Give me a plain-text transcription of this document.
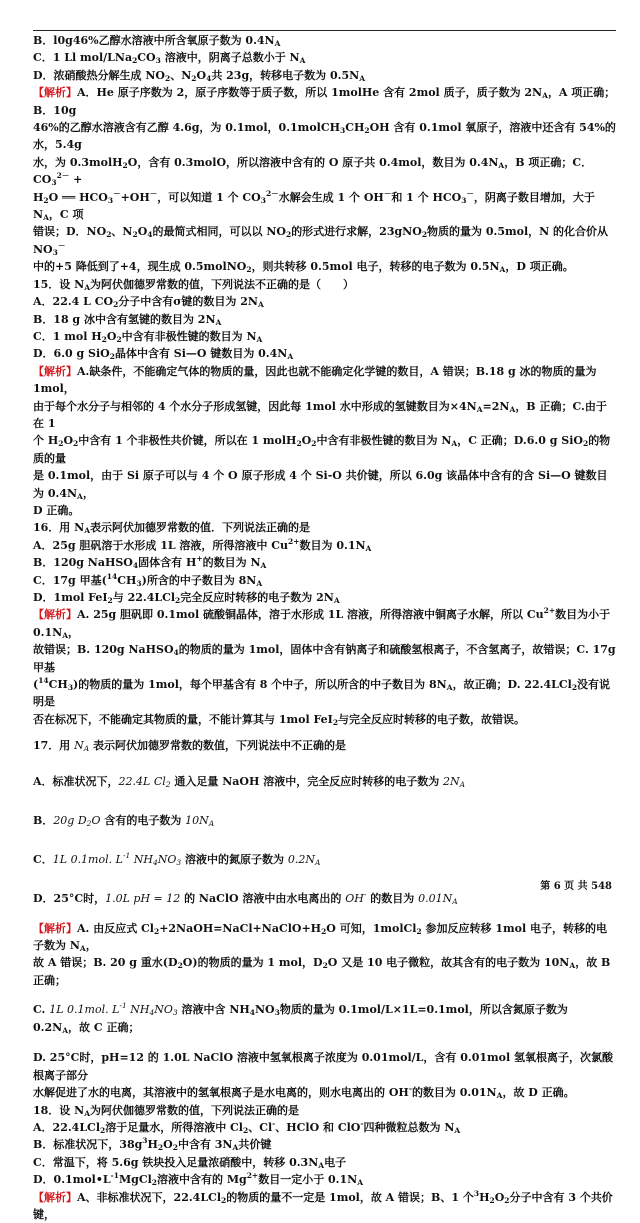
B．l0g46%乙醇水溶液中所含氧原子数为 $0.4N_A$

C．1 Ll mol/$LNa_2CO_3$ 溶液中，阴离子总数小于 $N_A$

D．浓硝酸热分解生成 $NO_2$、$N_2O_4$共 23g，转移电子数为 $0.5N_A$

【解析】A．He 原子序数为 2，原子序数等于质子数，所以 1molHe 含有 2mol 质子，质子数为 $2N_A$，A 项正确；B．10g

46%的乙醇水溶液含有乙醇 4.6g，为 0.1mol，$0.1molCH_3CH_2OH$ 含有 0.1mol 氧原子，溶液中还含有 54%的水，5.4g

水，为 0.3molH$_2$O，含有 0.3molO，所以溶液中含有的 O 原子共 0.4mol，数目为 $0.4N_A$，B 项正确；C．$CO_3^{2-}$ +

$H_2O$ ══ $HCO_3^-+OH^-$，可以知道 1 个 $CO_3^{2-}$水解会生成 1 个 OH－和 1 个 $HCO_3^-$，阴离子数目增加，大于 $N_A$，C 项

错误；D．$NO_2$、$N_2O_4$的最简式相同，可以以 $NO_2$的形式进行求解，23gNO$_2$物质的量为 0.5mol，N 的化合价从 $NO_3^-$

中的+5 降低到了+4，现生成 0.5molNO$_2$，则共转移 0.5mol 电子，转移的电子数为 $0.5N_A$，D 项正确。

15．设 $N_A$为阿伏伽德罗常数的值，下列说法不正确的是（　　）

A．22.4 L $CO_2$分子中含有σ键的数目为 $2N_A$

B．18 g 冰中含有氢键的数目为 $2N_A$

C．1 mol $H_2O_2$中含有非极性键的数目为 $N_A$

D．6.0 g SiO$_2$晶体中含有 Si—O 键数目为 $0.4N_A$

【解析】A.缺条件，不能确定气体的物质的量，因此也就不能确定化学键的数目，A 错误；B.18 g 冰的物质的量为 1mol，

由于每个水分子与相邻的 4 个水分子形成氢键，因此每 1mol 水中形成的氢键数目为$\times 4N_A=2N_A$，B 正确；C.由于在 1

个 $H_2O_2$中含有 1 个非极性共价键，所以在 1 $molH_2O_2$中含有非极性键的数目为 $N_A$，C 正确；D.6.0 g SiO$_2$的物质的量

是 0.1mol，由于 Si 原子可以与 4 个 O 原子形成 4 个 Si-O 共价键，所以 6.0g 该晶体中含有的含 Si—O 键数目为 $0.4N_A$，

D 正确。

16．用 $N_A$表示阿伏加德罗常数的值．下列说法正确的是

A．25g 胆矾溶于水形成 1L 溶液，所得溶液中 $Cu^{2+}$数目为 $0.1N_A$

B．120g NaHSO$_4$固体含有 H+的数目为 $N_A$

C．17g 甲基$(^{14}CH_3)$所含的中子数目为 $8N_A$

D．1mol FeI$_2$与 22.4LCl$_2$完全反应时转移的电子数为 $2N_A$

【解析】A. 25g 胆矾即 0.1mol 硫酸铜晶体，溶于水形成 1L 溶液，所得溶液中铜离子水解，所以 $Cu^{2+}$数目为小于 $0.1N_A$，

故错误；B. 120g NaHSO$_4$的物质的量为 1mol，固体中含有钠离子和硫酸氢根离子，不含氢离子，故错误；C. 17g 甲基

$(^{14}CH_3)$的物质的量为 1mol，每个甲基含有 8 个中子，所以所含的中子数目为 $8N_A$，故正确；D. 22.4LCl$_2$没有说明是

否在标况下，不能确定其物质的量，不能计算其与 1mol FeI$_2$与完全反应时转移的电子数，故错误。

17．用 $N_A$ 表示阿伏加德罗常数的数值，下列说法中不正确的是

A．标准状况下，22.4L $Cl_2$ 通入足量 NaOH 溶液中，完全反应时转移的电子数为 $2N_A$

B．20g $D_2O$ 含有的电子数为 $10N_A$

C．1L 0.1mol. $L^{-1}$ $NH_4NO_3$ 溶液中的氮原子数为 $0.2N_A$

D．25°C时，1.0L pH = 12 的 NaClO 溶液中由水电离出的 OH- 的数目为 $0.01N_A$

【解析】A. 由反应式 $Cl_2+2NaOH=NaCl+NaClO+H_2O$ 可知，1molCl$_2$ 参加反应转移 1mol 电子，转移的电子数为 $N_A$，

故 A 错误；B. 20 g 重水$(D_2O)$的物质的量为 1 mol，$D_2O$ 又是 10 电子微粒，故其含有的电子数为 $10N_A$，故 B 正确；

C. 1L 0.1mol. $L^{-1}$ $NH_4NO_3$ 溶液中含 $NH_4NO_3$物质的量为 0.1mol/L×1L=0.1mol，所以含氮原子数为 $0.2N_A$，故 C 正确；

D. 25°C时，pH=12 的 1.0L NaClO 溶液中氢氧根离子浓度为 0.01mol/L，含有 0.01mol 氢氧根离子，次氯酸根离子部分

水解促进了水的电离，其溶液中的氢氧根离子是水电离的，则水电离出的 OH-的数目为 $0.01N_A$，故 D 正确。

18．设 $N_A$为阿伏伽德罗常数的值，下列说法正确的是

A．22.4LCl$_2$溶于足量水，所得溶液中 $Cl_2$、Cl-、HClO 和 ClO-四种微粒总数为 $N_A$

B．标准状况下，$38g^3H_2O_2$中含有 $3N_A$共价键

C．常温下，将 5.6g 铁块投入足量浓硝酸中，转移 $0.3N_A$电子

D．$0.1mol•L^{-1}MgCl_2$溶液中含有的 $Mg^{2+}$数目一定小于 $0.1N_A$

【解析】A、非标准状况下，22.4LCl$_2$的物质的量不一定是 1mol，故 A 错误；B、1 个$^3H_2O_2$分子中含有 3 个共价键，

第 6 页 共 548
